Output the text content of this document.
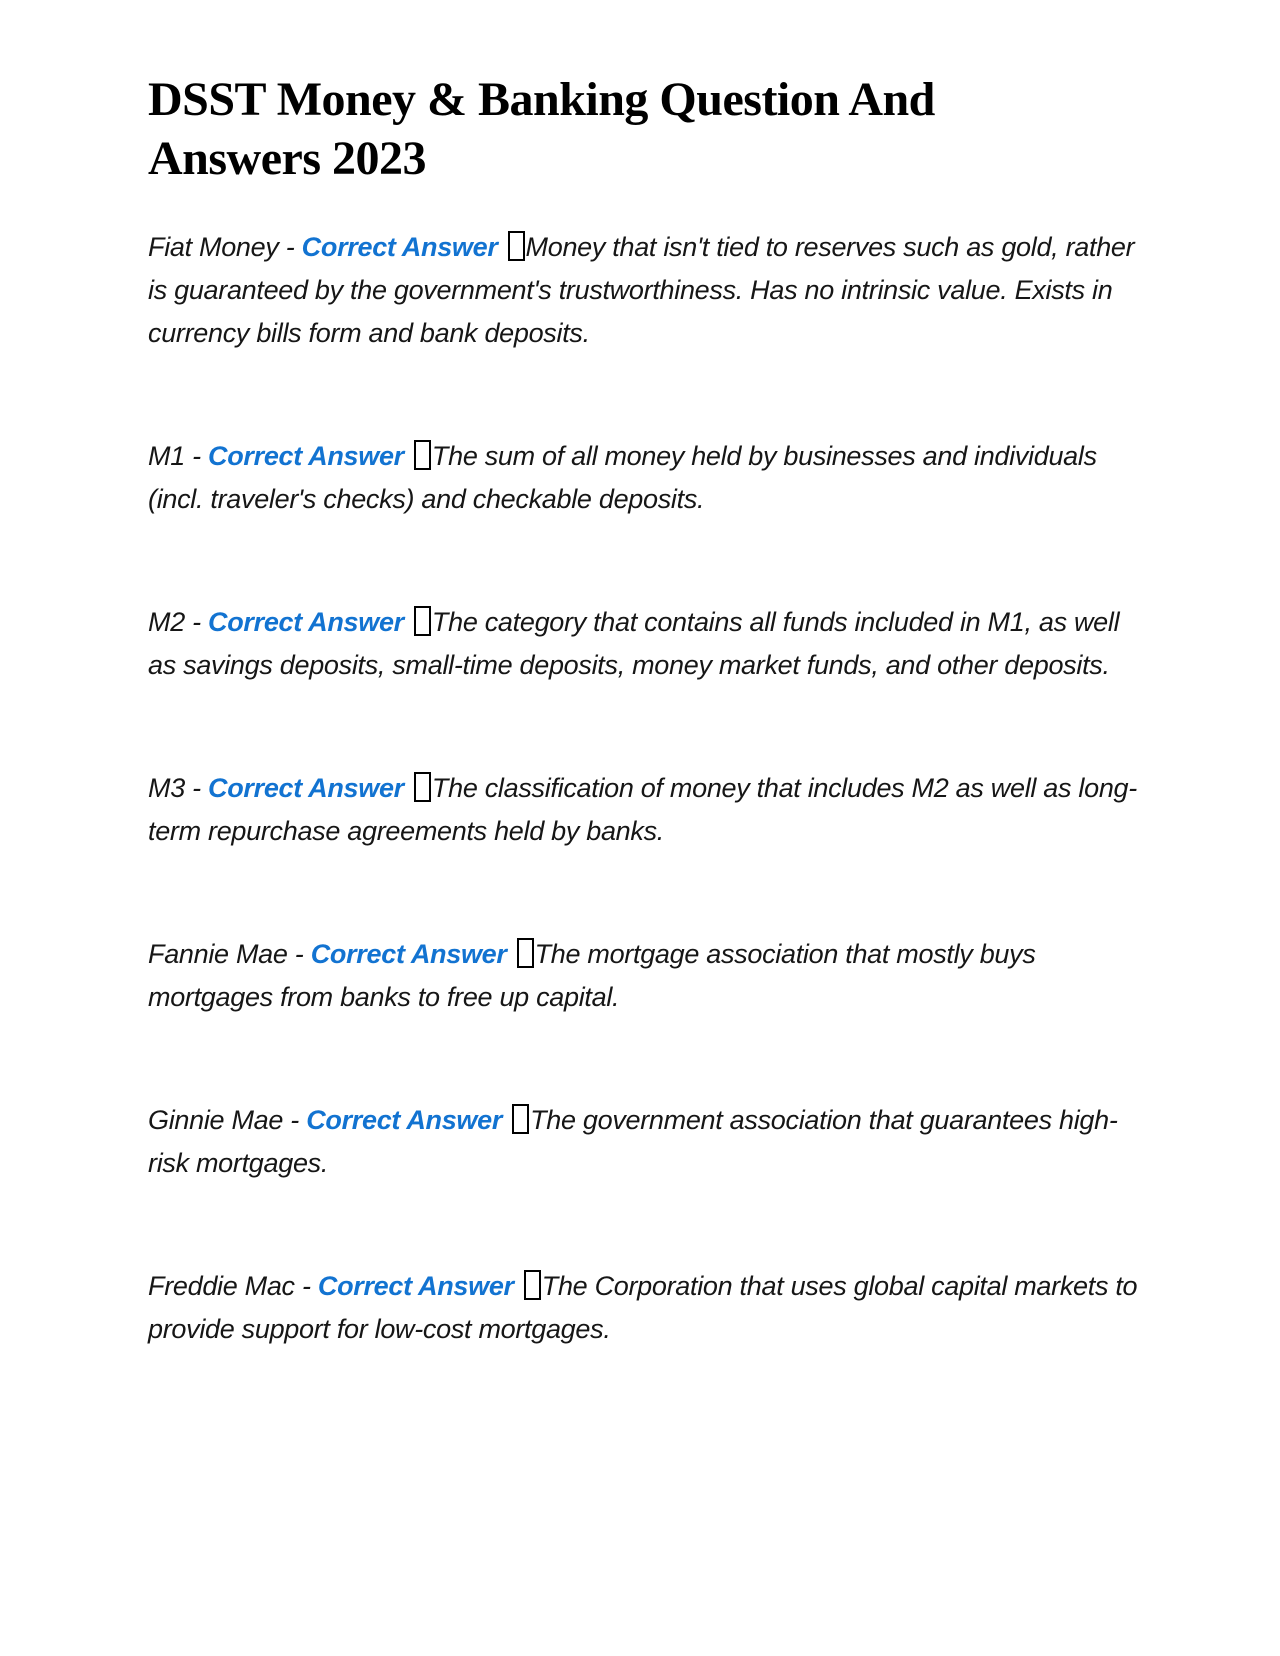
DSST Money & Banking Question And
Answers 2023

Fiat Money - Correct Answer Money that isn't tied to reserves such as gold, rather is guaranteed by the government's trustworthiness. Has no intrinsic value. Exists in currency bills form and bank deposits.

M1 - Correct Answer The sum of all money held by businesses and individuals (incl. traveler's checks) and checkable deposits.

M2 - Correct Answer The category that contains all funds included in M1, as well as savings deposits, small-time deposits, money market funds, and other deposits.

M3 - Correct Answer The classification of money that includes M2 as well as long-term repurchase agreements held by banks.

Fannie Mae - Correct Answer The mortgage association that mostly buys mortgages from banks to free up capital.

Ginnie Mae - Correct Answer The government association that guarantees high-risk mortgages.

Freddie Mac - Correct Answer The Corporation that uses global capital markets to provide support for low-cost mortgages.
